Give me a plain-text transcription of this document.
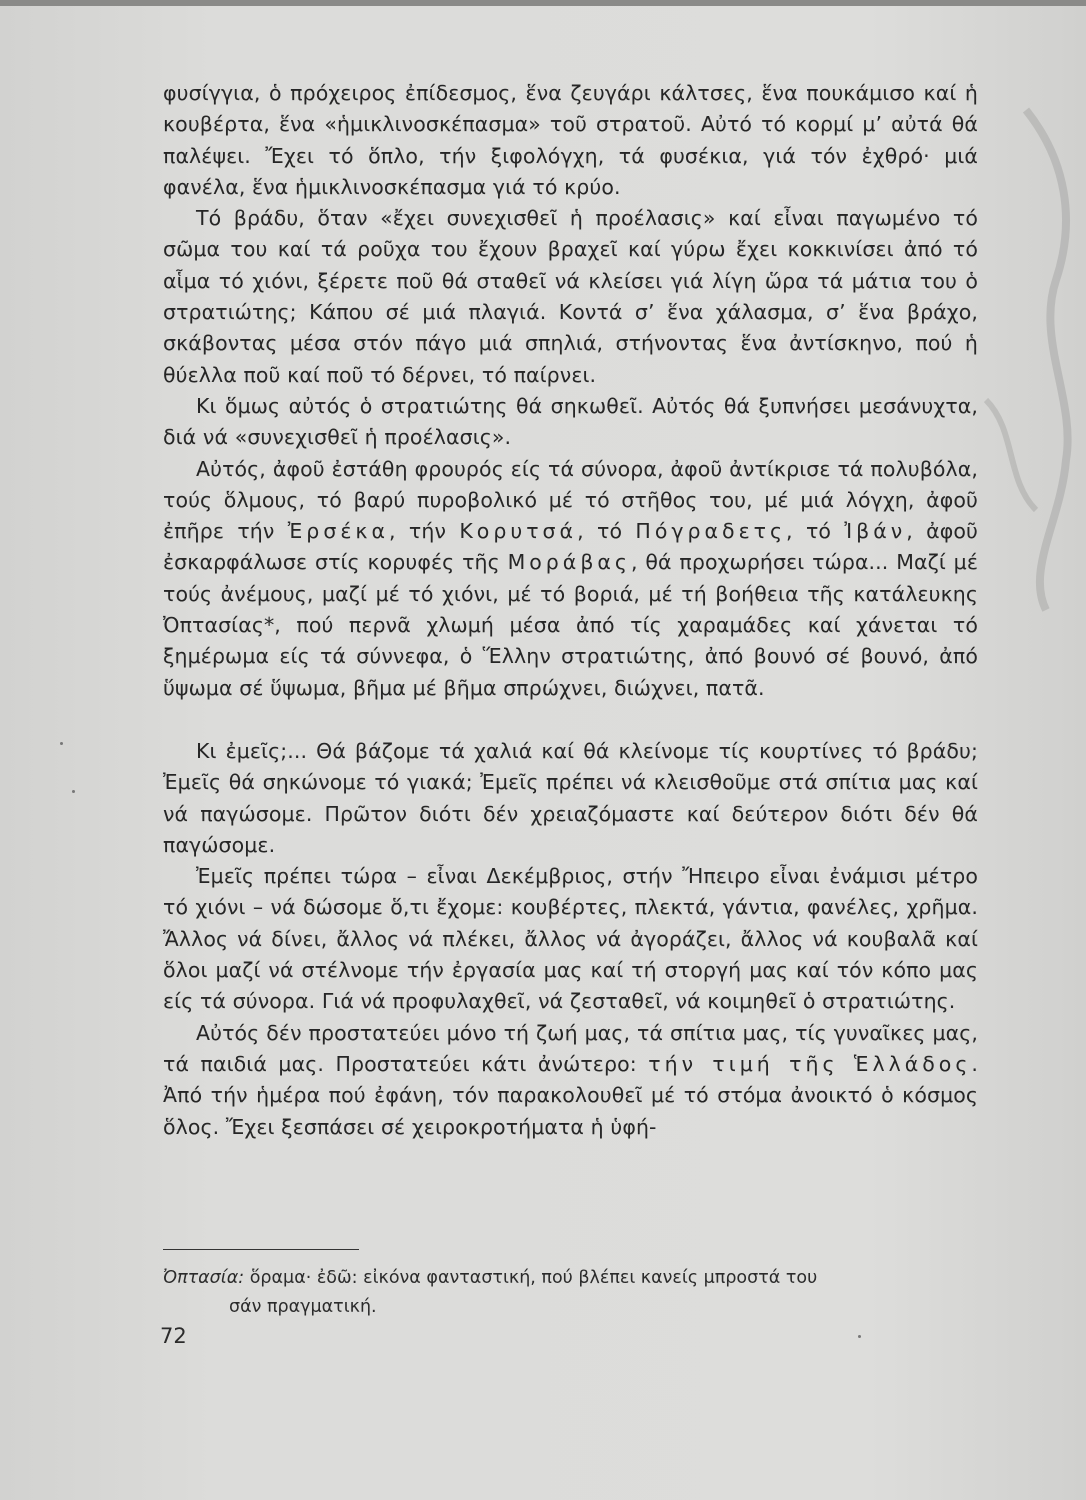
φυσίγγια, ὁ πρόχειρος ἐπίδεσμος, ἕνα ζευγάρι κάλτσες, ἕνα πουκάμισο καί ἡ κουβέρτα, ἕνα «ἡμικλινοσκέπασμα» τοῦ στρατοῦ. Αὐτό τό κορμί μ’ αὐτά θά παλέψει. Ἔχει τό ὅπλο, τήν ξιφολόγχη, τά φυσέκια, γιά τόν ἐχθρό· μιά φανέλα, ἕνα ἡμικλινοσκέπασμα γιά τό κρύο.

Τό βράδυ, ὅταν «ἔχει συνεχισθεῖ ἡ προέλασις» καί εἶναι παγωμένο τό σῶμα του καί τά ροῦχα του ἔχουν βραχεῖ καί γύρω ἔχει κοκκινίσει ἀπό τό αἷμα τό χιόνι, ξέρετε ποῦ θά σταθεῖ νά κλείσει γιά λίγη ὥρα τά μάτια του ὁ στρατιώτης; Κάπου σέ μιά πλαγιά. Κοντά σ’ ἕνα χάλασμα, σ’ ἕνα βράχο, σκάβοντας μέσα στόν πάγο μιά σπηλιά, στήνοντας ἕνα ἀντίσκηνο, πού ἡ θύελλα ποῦ καί ποῦ τό δέρνει, τό παίρνει.

Κι ὅμως αὐτός ὁ στρατιώτης θά σηκωθεῖ. Αὐτός θά ξυπνήσει μεσάνυχτα, διά νά «συνεχισθεῖ ἡ προέλασις».

Αὐτός, ἀφοῦ ἐστάθη φρουρός είς τά σύνορα, ἀφοῦ ἀντίκρισε τά πολυβόλα, τούς ὅλμους, τό βαρύ πυροβολικό μέ τό στῆθος του, μέ μιά λόγχη, ἀφοῦ ἐπῆρε τήν Ἐρσέκα, τήν Κορυτσά, τό Πόγραδετς, τό Ἰβάν, ἀφοῦ ἐσκαρφάλωσε στίς κορυφές τῆς Μοράβας, θά προχωρήσει τώρα... Μαζί μέ τούς ἀνέμους, μαζί μέ τό χιόνι, μέ τό βοριά, μέ τή βοήθεια τῆς κατάλευκης Ὀπτασίας*, πού περνᾶ χλωμή μέσα ἀπό τίς χαραμάδες καί χάνεται τό ξημέρωμα είς τά σύννεφα, ὁ Ἕλλην στρατιώτης, ἀπό βουνό σέ βουνό, ἀπό ὕψωμα σέ ὕψωμα, βῆμα μέ βῆμα σπρώχνει, διώχνει, πατᾶ.

Κι ἐμεῖς;... Θά βάζομε τά χαλιά καί θά κλείνομε τίς κουρτίνες τό βράδυ; Ἐμεῖς θά σηκώνομε τό γιακά; Ἐμεῖς πρέπει νά κλεισθοῦμε στά σπίτια μας καί νά παγώσομε. Πρῶτον διότι δέν χρειαζόμαστε καί δεύτερον διότι δέν θά παγώσομε.

Ἐμεῖς πρέπει τώρα – εἶναι Δεκέμβριος, στήν Ἤπειρο εἶναι ἐνάμισι μέτρο τό χιόνι – νά δώσομε ὅ,τι ἔχομε: κουβέρτες, πλεκτά, γάντια, φανέλες, χρῆμα. Ἄλλος νά δίνει, ἄλλος νά πλέκει, ἄλλος νά ἀγοράζει, ἄλλος νά κουβαλᾶ καί ὅλοι μαζί νά στέλνομε τήν ἐργασία μας καί τή στοργή μας καί τόν κόπο μας είς τά σύνορα. Γιά νά προφυλαχθεῖ, νά ζεσταθεῖ, νά κοιμηθεῖ ὁ στρατιώτης.

Αὐτός δέν προστατεύει μόνο τή ζωή μας, τά σπίτια μας, τίς γυναῖκες μας, τά παιδιά μας. Προστατεύει κάτι ἀνώτερο: τήν τιμή τῆς Ἑλλάδος. Ἀπό τήν ἡμέρα πού ἐφάνη, τόν παρακολουθεῖ μέ τό στόμα ἀνοικτό ὁ κόσμος ὅλος. Ἔχει ξεσπάσει σέ χειροκροτήματα ἡ ὑφή-

Ὀπτασία: ὅραμα· ἐδῶ: εἰκόνα φανταστική, πού βλέπει κανείς μπροστά του
σάν πραγματική.
72
